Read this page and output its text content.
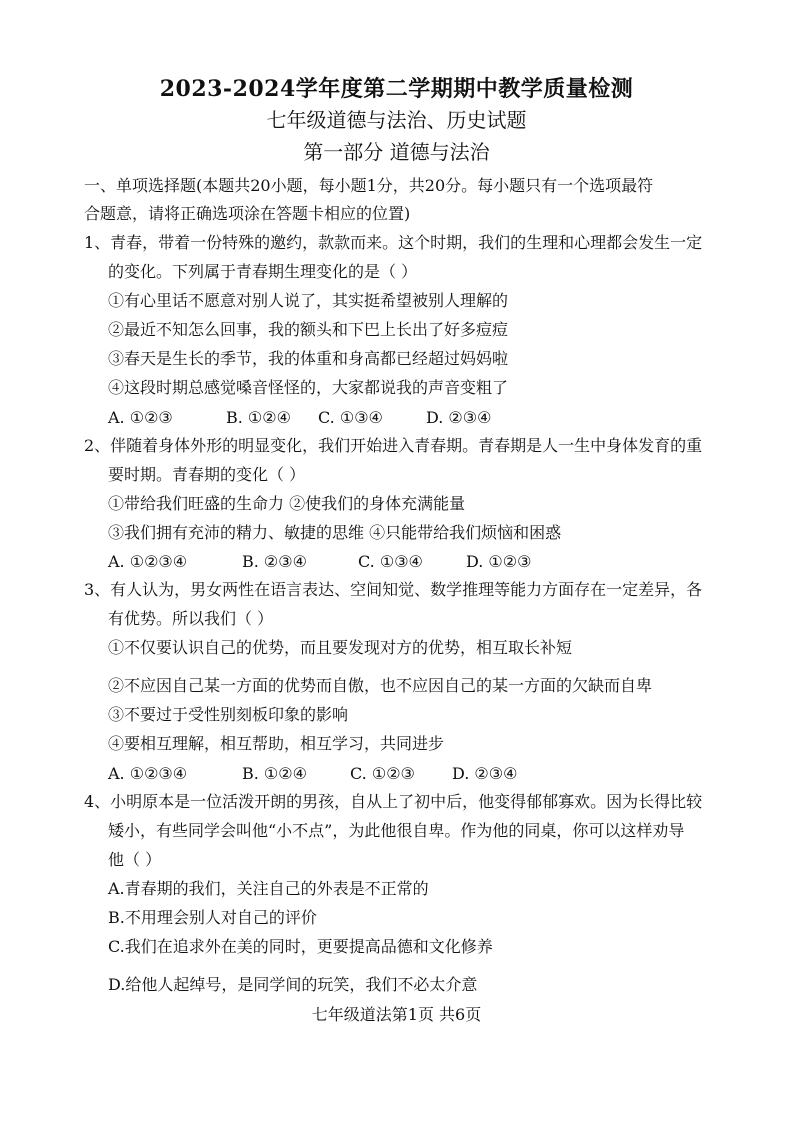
2023-2024学年度第二学期期中教学质量检测
七年级道德与法治、历史试题
第一部分 道德与法治
一、单项选择题(本题共20小题，每小题1分，共20分。每小题只有一个选项最符
合题意，请将正确选项涂在答题卡相应的位置)
1、青春，带着一份特殊的邀约，款款而来。这个时期，我们的生理和心理都会发生一定
的变化。下列属于青春期生理变化的是（ ）
①有心里话不愿意对别人说了，其实挺希望被别人理解的
②最近不知怎么回事，我的额头和下巴上长出了好多痘痘
③春天是生长的季节，我的体重和身高都已经超过妈妈啦
④这段时期总感觉嗓音怪怪的，大家都说我的声音变粗了
A. ①②③	B. ①②④ C. ①③④	D. ②③④
2、伴随着身体外形的明显变化，我们开始进入青春期。青春期是人一生中身体发育的重
要时期。青春期的变化（ ）
①带给我们旺盛的生命力 ②使我们的身体充满能量
③我们拥有充沛的精力、敏捷的思维 ④只能带给我们烦恼和困惑
A. ①②③④	B. ②③④	C. ①③④	D. ①②③
3、有人认为，男女两性在语言表达、空间知觉、数学推理等能力方面存在一定差异，各
有优势。所以我们（ ）
①不仅要认识自己的优势，而且要发现对方的优势，相互取长补短
②不应因自己某一方面的优势而自傲，也不应因自己的某一方面的欠缺而自卑
③不要过于受性别刻板印象的影响
④要相互理解，相互帮助，相互学习，共同进步
A. ①②③④	B. ①②④	C. ①②③ D. ②③④
4、小明原本是一位活泼开朗的男孩，自从上了初中后，他变得郁郁寡欢。因为长得比较
矮小，有些同学会叫他“小不点”，为此他很自卑。作为他的同桌，你可以这样劝导
他（ ）
A.青春期的我们，关注自己的外表是不正常的
B.不用理会别人对自己的评价
C.我们在追求外在美的同时，更要提高品德和文化修养
D.给他人起绰号，是同学间的玩笑，我们不必太介意
七年级道法第1页 共6页
